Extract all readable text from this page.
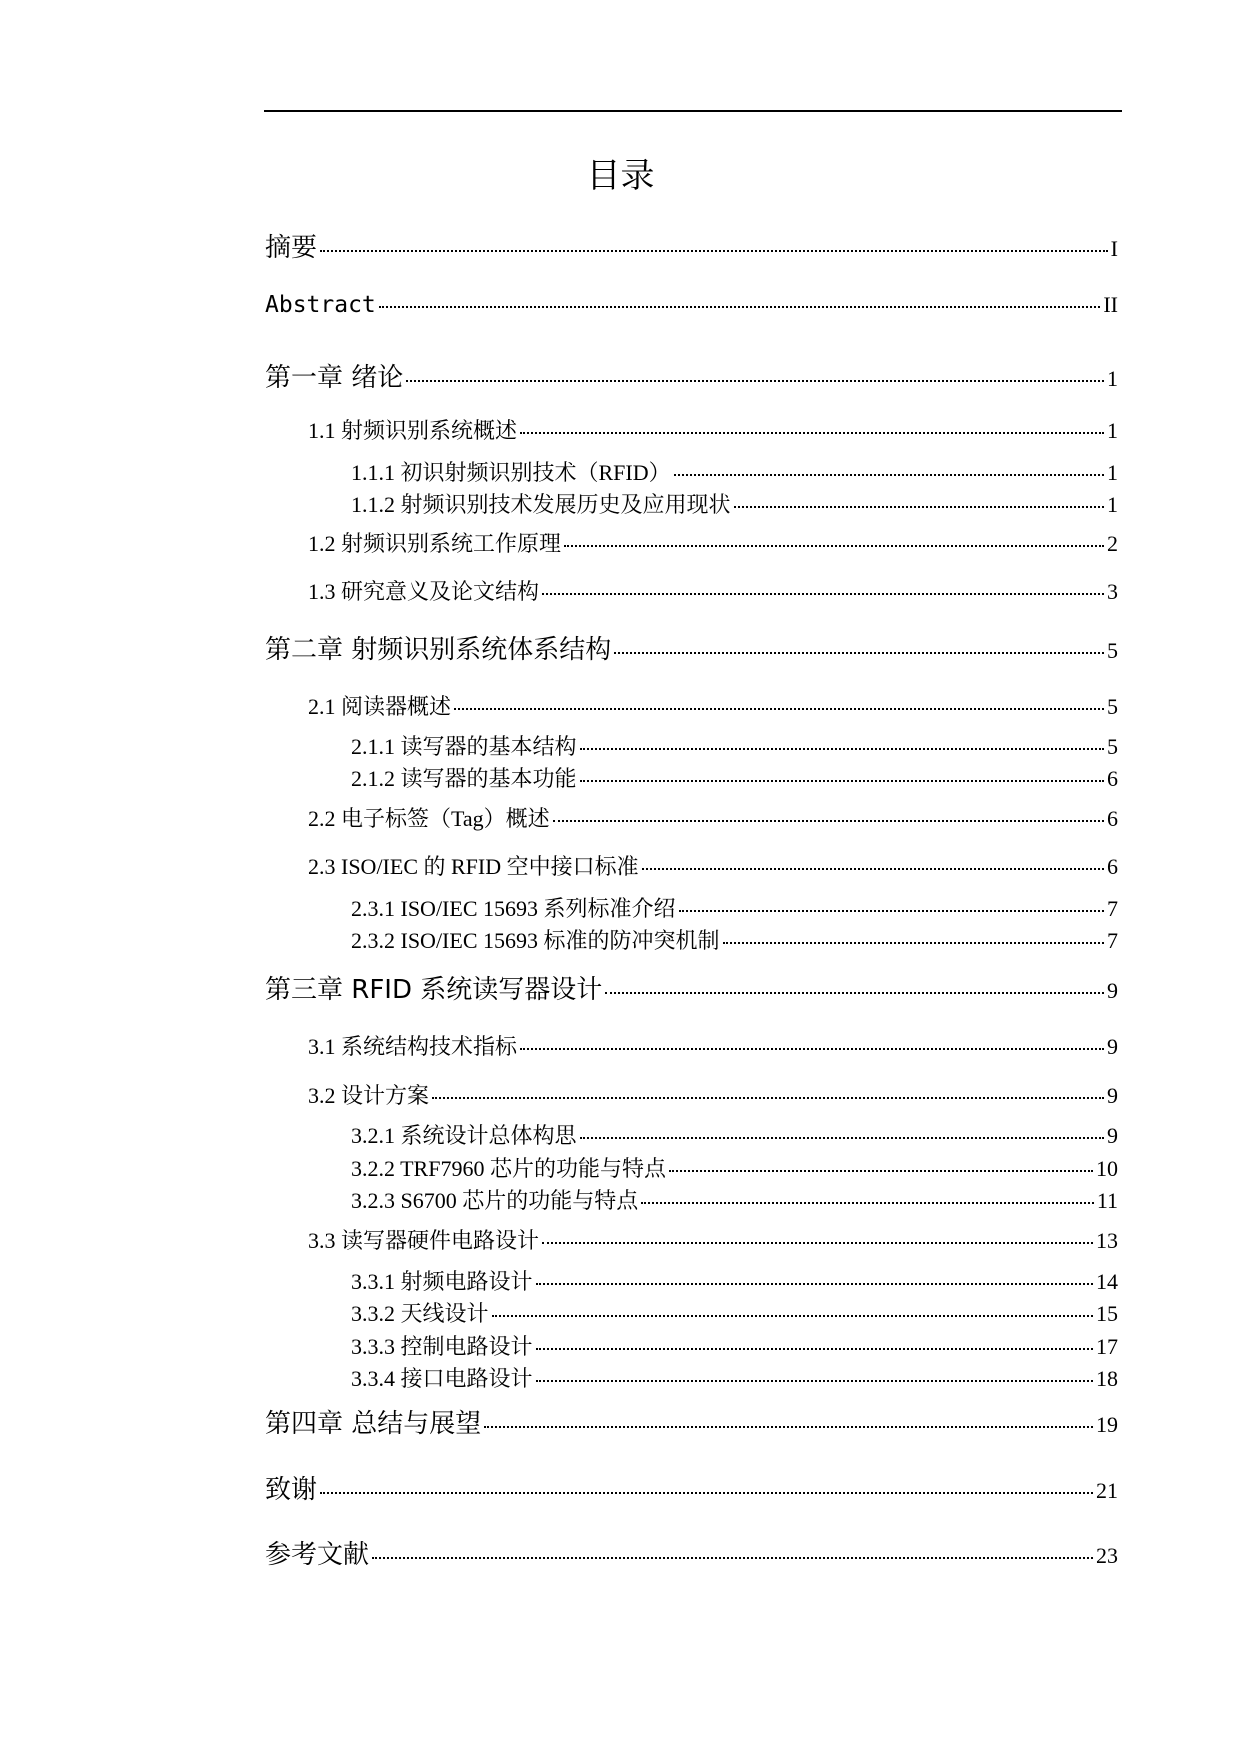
目录
摘要	I
Abstract	II
第一章 绪论	1
1.1 射频识别系统概述	1
1.1.1 初识射频识别技术（RFID）	1
1.1.2 射频识别技术发展历史及应用现状	1
1.2 射频识别系统工作原理	2
1.3 研究意义及论文结构	3
第二章 射频识别系统体系结构	5
2.1 阅读器概述	5
2.1.1 读写器的基本结构	5
2.1.2 读写器的基本功能	6
2.2 电子标签（Tag）概述	6
2.3 ISO/IEC 的 RFID 空中接口标准	6
2.3.1 ISO/IEC 15693 系列标准介绍	7
2.3.2 ISO/IEC 15693 标准的防冲突机制	7
第三章 RFID 系统读写器设计	9
3.1 系统结构技术指标	9
3.2 设计方案	9
3.2.1 系统设计总体构思	9
3.2.2 TRF7960 芯片的功能与特点	10
3.2.3 S6700 芯片的功能与特点	11
3.3 读写器硬件电路设计	13
3.3.1 射频电路设计	14
3.3.2 天线设计	15
3.3.3 控制电路设计	17
3.3.4 接口电路设计	18
第四章 总结与展望	19
致谢	21
参考文献	23
